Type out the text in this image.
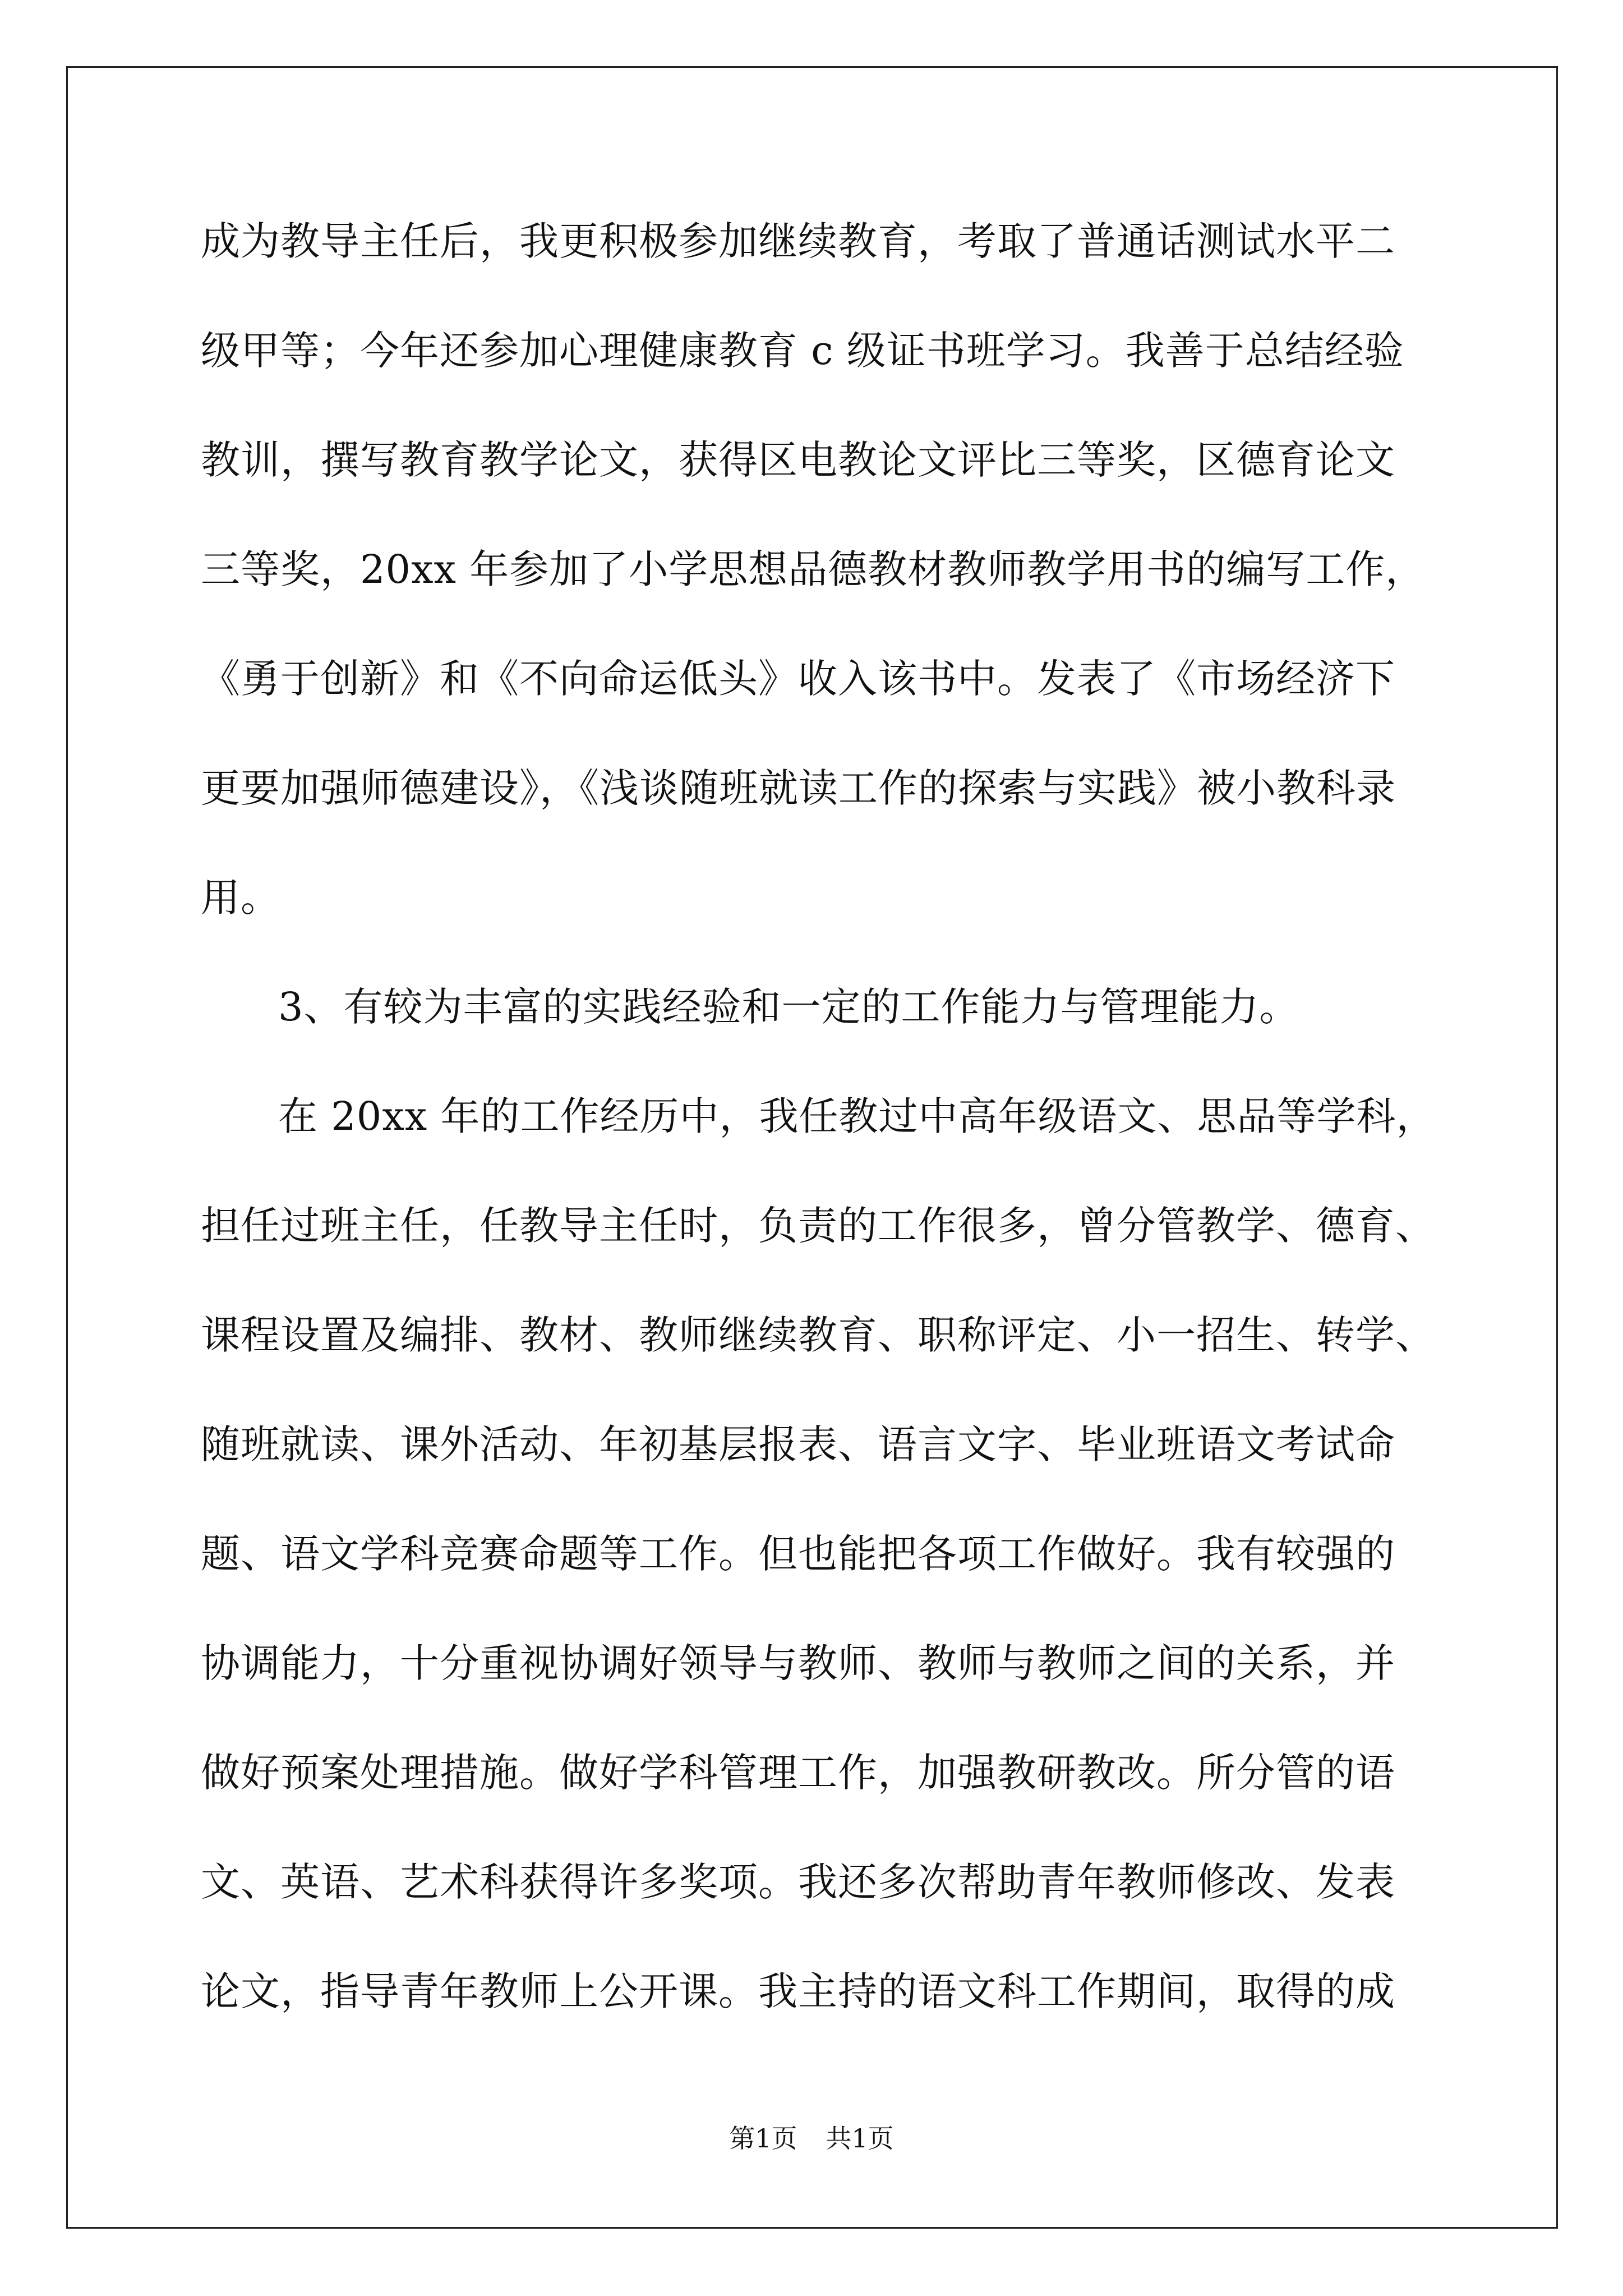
成为教导主任后，我更积极参加继续教育，考取了普通话测试水平二
级甲等；今年还参加心理健康教育 c 级证书班学习。我善于总结经验
教训，撰写教育教学论文，获得区电教论文评比三等奖，区德育论文
三等奖，20xx 年参加了小学思想品德教材教师教学用书的编写工作，
《勇于创新》和《不向命运低头》收入该书中。发表了《市场经济下
更要加强师德建设》，《浅谈随班就读工作的探索与实践》被小教科录
用。
3、有较为丰富的实践经验和一定的工作能力与管理能力。
在 20xx 年的工作经历中，我任教过中高年级语文、思品等学科，
担任过班主任，任教导主任时，负责的工作很多，曾分管教学、德育、
课程设置及编排、教材、教师继续教育、职称评定、小一招生、转学、
随班就读、课外活动、年初基层报表、语言文字、毕业班语文考试命
题、语文学科竞赛命题等工作。但也能把各项工作做好。我有较强的
协调能力，十分重视协调好领导与教师、教师与教师之间的关系，并
做好预案处理措施。做好学科管理工作，加强教研教改。所分管的语
文、英语、艺术科获得许多奖项。我还多次帮助青年教师修改、发表
论文，指导青年教师上公开课。我主持的语文科工作期间，取得的成
第1页 共1页
